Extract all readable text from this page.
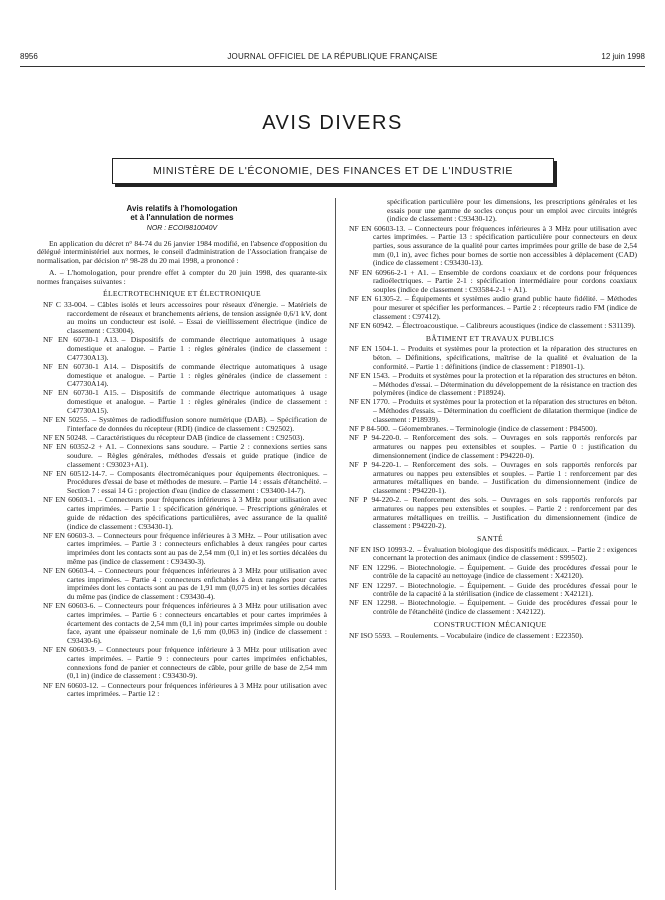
8956	JOURNAL OFFICIEL DE LA RÉPUBLIQUE FRANÇAISE	12 juin 1998
AVIS DIVERS
MINISTÈRE DE L'ÉCONOMIE, DES FINANCES ET DE L'INDUSTRIE
Avis relatifs à l'homologation
et à l'annulation de normes
NOR : ECOI9810040V

En application du décret n° 84-74 du 26 janvier 1984 modifié, en l'absence d'opposition du délégué interministériel aux normes, le conseil d'administration de l'Association française de normalisation, par décision n° 98-28 du 20 mai 1998, a prononcé :

A. – L'homologation, pour prendre effet à compter du 20 juin 1998, des quarante-six normes françaises suivantes :

ÉLECTROTECHNIQUE ET ÉLECTRONIQUE
NF C 33-004. – Câbles isolés et leurs accessoires pour réseaux d'énergie. – Matériels de raccordement de réseaux et branchements aériens, de tension assignée 0,6/1 kV, dont au moins un conducteur est isolé. – Essai de vieillissement électrique (indice de classement : C33004).
NF EN 60730-1 A13. – Dispositifs de commande électrique automatiques à usage domestique et analogue. – Partie 1 : règles générales (indice de classement : C47730A13).
NF EN 60730-1 A14. – Dispositifs de commande électrique automatiques à usage domestique et analogue. – Partie 1 : règles générales (indice de classement : C47730A14).
NF EN 60730-1 A15. – Dispositifs de commande électrique automatiques à usage domestique et analogue. – Partie 1 : règles générales (indice de classement : C47730A15).
NF EN 50255. – Systèmes de radiodiffusion sonore numérique (DAB). – Spécification de l'interface de données du récepteur (RDI) (indice de classement : C92502).
NF EN 50248. – Caractéristiques du récepteur DAB (indice de classement : C92503).
NF EN 60352-2 + A1. – Connexions sans soudure. – Partie 2 : connexions serties sans soudure. – Règles générales, méthodes d'essais et guide pratique (indice de classement : C93023+A1).
NF EN 60512-14-7. – Composants électromécaniques pour équipements électroniques. – Procédures d'essai de base et méthodes de mesure. – Partie 14 : essais d'étanchéité. – Section 7 : essai 14 G : projection d'eau (indice de classement : C93400-14-7).
NF EN 60603-1. – Connecteurs pour fréquences inférieures à 3 MHz pour utilisation avec cartes imprimées. – Partie 1 : spécification générique. – Prescriptions générales et guide de rédaction des spécifications particulières, avec assurance de la qualité (indice de classement : C93430-1).
NF EN 60603-3. – Connecteurs pour fréquence inférieures à 3 MHz. – Pour utilisation avec cartes imprimées. – Partie 3 : connecteurs enfichables à deux rangées pour cartes imprimées dont les contacts sont au pas de 2,54 mm (0,1 in) et les sorties décalées du même pas (indice de classement : C93430-3).
NF EN 60603-4. – Connecteurs pour fréquences inférieures à 3 MHz pour utilisation avec cartes imprimées. – Partie 4 : connecteurs enfichables à deux rangées pour cartes imprimées dont les contacts sont au pas de 1,91 mm (0,075 in) et les sorties décalées du même pas (indice de classement : C93430-4).
NF EN 60603-6. – Connecteurs pour fréquences inférieures à 3 MHz pour utilisation avec cartes imprimées. – Partie 6 : connecteurs encartables et pour cartes imprimées à écartement des contacts de 2,54 mm (0,1 in) pour cartes imprimées simple ou double face, ayant une épaisseur nominale de 1,6 mm (0,063 in) (indice de classement : C93430-6).
NF EN 60603-9. – Connecteurs pour fréquence inférieure à 3 MHz pour utilisation avec cartes imprimées. – Partie 9 : connecteurs pour cartes imprimées enfichables, connexions fond de panier et connecteurs de câble, pour grille de base de 2,54 mm (0,1 in) (indice de classement : C93430-9).
NF EN 60603-12. – Connecteurs pour fréquences inférieures à 3 MHz pour utilisation avec cartes imprimées. – Partie 12 :
spécification particulière pour les dimensions, les prescriptions générales et les essais pour une gamme de socles conçus pour un emploi avec circuits intégrés (indice de classement : C93430-12).
NF EN 60603-13. – Connecteurs pour fréquences inférieures à 3 MHz pour utilisation avec cartes imprimées. – Partie 13 : spécification particulière pour connecteurs en deux parties, sous assurance de la qualité pour cartes imprimées pour grille de base de 2,54 mm (0,1 in), avec fiches pour bornes de sortie non accessibles à déplacement (CAD) (indice de classement : C93430-13).
NF EN 60966-2-1 + A1. – Ensemble de cordons coaxiaux et de cordons pour fréquences radioélectriques. – Partie 2-1 : spécification intermédiaire pour cordons coaxiaux souples (indice de classement : C93584-2-1 + A1).
NF EN 61305-2. – Équipements et systèmes audio grand public haute fidélité. – Méthodes pour mesurer et spécifier les performances. – Partie 2 : récepteurs radio FM (indice de classement : C97412).
NF EN 60942. – Électroacoustique. – Calibreurs acoustiques (indice de classement : S31139).
BÂTIMENT ET TRAVAUX PUBLICS
NF EN 1504-1. – Produits et systèmes pour la protection et la réparation des structures en béton. – Définitions, spécifications, maîtrise de la qualité et évaluation de la conformité. – Partie 1 : définitions (indice de classement : P18901-1).
NF EN 1543. – Produits et systèmes pour la protection et la réparation des structures en béton. – Méthodes d'essai. – Détermination du développement de la résistance en traction des polymères (indice de classement : P18924).
NF EN 1770. – Produits et systèmes pour la protection et la réparation des structures en béton. – Méthodes d'essais. – Détermination du coefficient de dilatation thermique (indice de classement : P18939).
NF P 84-500. – Géomembranes. – Terminologie (indice de classement : P84500).
NF P 94-220-0. – Renforcement des sols. – Ouvrages en sols rapportés renforcés par armatures ou nappes peu extensibles et souples. – Partie 0 : justification du dimensionnement (indice de classement : P94220-0).
NF P 94-220-1. – Renforcement des sols. – Ouvrages en sols rapportés renforcés par armatures ou nappes peu extensibles et souples. – Partie 1 : renforcement par des armatures métalliques en bande. – Justification du dimensionnement (indice de classement : P94220-1).
NF P 94-220-2. – Renforcement des sols. – Ouvrages en sols rapportés renforcés par armatures ou nappes peu extensibles et souples. – Partie 2 : renforcement par des armatures métalliques en treillis. – Justification du dimensionnement (indice de classement : P94220-2).
SANTÉ
NF EN ISO 10993-2. – Évaluation biologique des dispositifs médicaux. – Partie 2 : exigences concernant la protection des animaux (indice de classement : S99502).
NF EN 12296. – Biotechnologie. – Équipement. – Guide des procédures d'essai pour le contrôle de la capacité au nettoyage (indice de classement : X42120).
NF EN 12297. – Biotechnologie. – Équipement. – Guide des procédures d'essai pour le contrôle de la capacité à la stérilisation (indice de classement : X42121).
NF EN 12298. – Biotechnologie. – Équipement. – Guide des procédures d'essai pour le contrôle de l'étanchéité (indice de classement : X42122).
CONSTRUCTION MÉCANIQUE
NF ISO 5593. – Roulements. – Vocabulaire (indice de classement : E22350).
